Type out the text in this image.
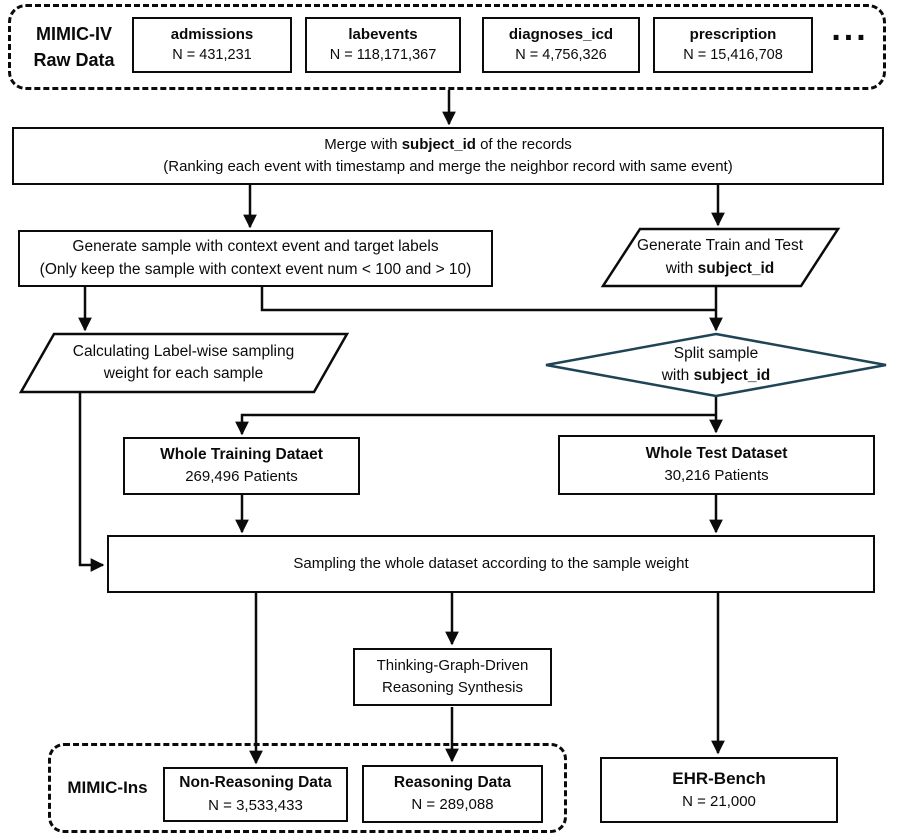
MIMIC-IV
Raw Data
admissions
N = 431,231
labevents
N = 118,171,367
diagnoses_icd
N = 4,756,326
prescription
N = 15,416,708
...
Merge with subject_id of the records
(Ranking each event with timestamp and merge the neighbor record with same event)
Generate sample with context event and target labels
(Only keep the sample with context event num < 100 and > 10)
Generate Train and Test
with subject_id
Calculating Label-wise sampling
weight for each sample
Split sample
with subject_id
Whole Training Dataet
269,496 Patients
Whole Test Dataset
30,216 Patients
Sampling the whole dataset according to the sample weight
Thinking-Graph-Driven
Reasoning Synthesis
MIMIC-Ins	Non-Reasoning Data
N = 3,533,433
Reasoning Data
N = 289,088
EHR-Bench
N = 21,000
